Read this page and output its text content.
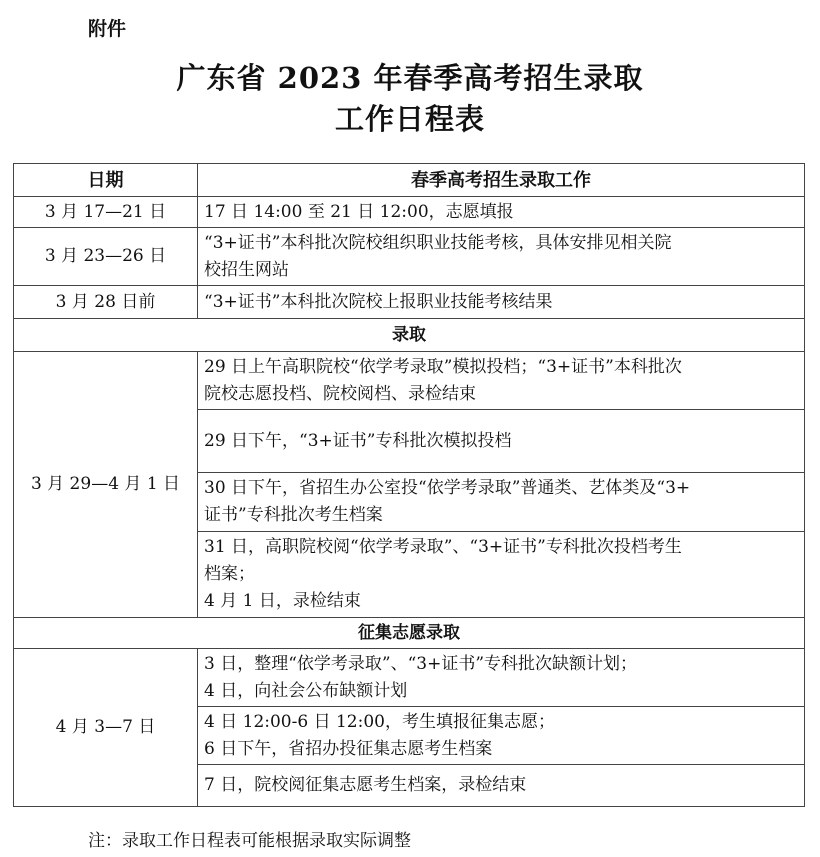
附件
广东省 2023 年春季高考招生录取
工作日程表
日期	春季高考招生录取工作
3 月 17—21 日	17 日 14:00 至 21 日 12:00，志愿填报
3 月 23—26 日	“3+证书”本科批次院校组织职业技能考核，具体安排见相关院
校招生网站

3 月 28 日前	“3+证书”本科批次院校上报职业技能考核结果
录取	
3 月 29—4 月 1 日	29 日上午高职院校“依学考录取”模拟投档；“3+证书”本科批次
院校志愿投档、院校阅档、录检结束

	29 日下午，“3+证书”专科批次模拟投档

	30 日下午，省招生办公室投“依学考录取”普通类、艺体类及“3+
证书”专科批次考生档案

	31 日，高职院校阅“依学考录取”、“3+证书”专科批次投档考生
档案；
4 月 1 日，录检结束

征集志愿录取	
4 月 3—7 日	3 日，整理“依学考录取”、“3+证书”专科批次缺额计划；
4 日，向社会公布缺额计划

	4 日 12:00-6 日 12:00，考生填报征集志愿；
6 日下午，省招办投征集志愿考生档案

	7 日，院校阅征集志愿考生档案，录检结束
注：录取工作日程表可能根据录取实际调整
